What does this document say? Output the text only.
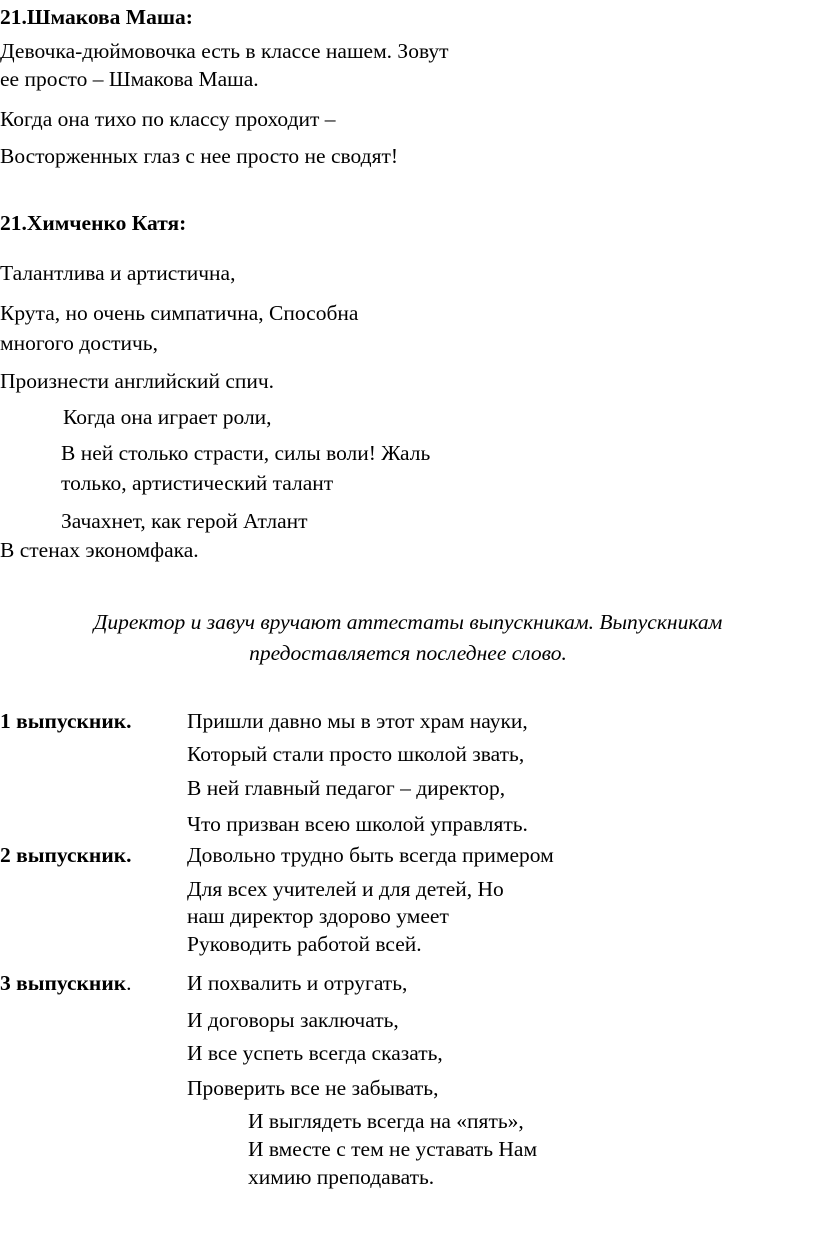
21.Шмакова Маша:
Девочка-дюймовочка есть в классе нашем. Зовут
ее просто – Шмакова Маша.
Когда она тихо по классу проходит –
Восторженных глаз с нее просто не сводят!
21.Химченко Катя:
Талантлива и артистична,
Крута, но очень симпатична, Способна
многого достичь,
Произнести английский спич.
Когда она играет роли,
В ней столько страсти, силы воли! Жаль
только, артистический талант
Зачахнет, как герой Атлант
В стенах экономфака.
Директор и завуч вручают аттестаты выпускникам. Выпускникам
предоставляется последнее слово.
1 выпускник.	Пришли давно мы в этот храм науки,
Который стали просто школой звать,
В ней главный педагог – директор,
Что призван всею школой управлять.
2 выпускник.	Довольно трудно быть всегда примером
Для всех учителей и для детей, Но
наш директор здорово умеет
Руководить работой всей.
3 выпускник.	И похвалить и отругать,
И договоры заключать,
И все успеть всегда сказать,
Проверить все не забывать,
И выглядеть всегда на «пять»,
И вместе с тем не уставать Нам
химию преподавать.
